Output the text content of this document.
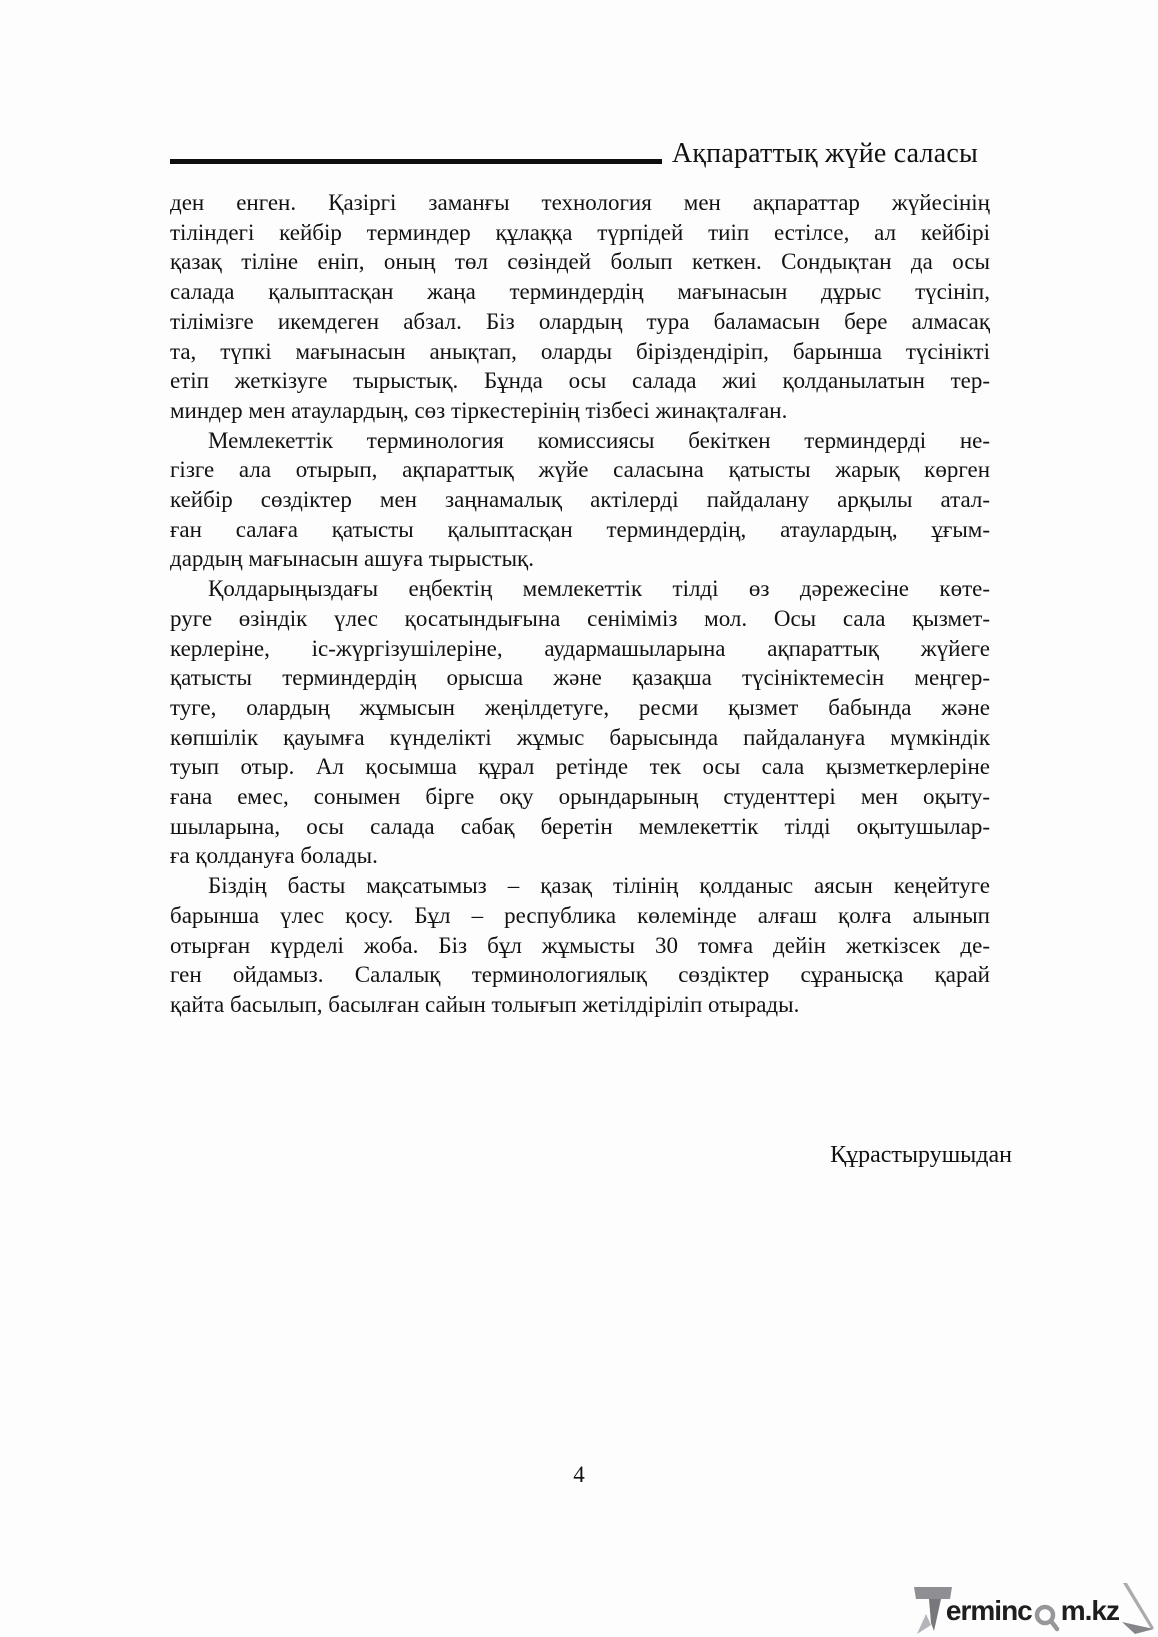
Ақпараттық жүйе саласы
ден енген. Қазіргі заманғы технология мен ақпараттар жүйесінің
тіліндегі кейбір терминдер құлаққа түрпідей тиіп естілсе, ал кейбірі
қазақ тіліне еніп, оның төл сөзіндей болып кеткен. Сондықтан да осы
салада қалыптасқан жаңа терминдердің мағынасын дұрыс түсініп,
тілімізге икемдеген абзал. Біз олардың тура баламасын бере алмасақ
та, түпкі мағынасын анықтап, оларды біріздендіріп, барынша түсінікті
етіп жеткізуге тырыстық. Бұнда осы салада жиі қолданылатын тер-
миндер мен атаулардың, сөз тіркестерінің тізбесі жинақталған.
Мемлекеттік терминология комиссиясы бекіткен терминдерді не-
гізге ала отырып, ақпараттық жүйе саласына қатысты жарық көрген
кейбір сөздіктер мен заңнамалық актілерді пайдалану арқылы атал-
ған салаға қатысты қалыптасқан терминдердің, атаулардың, ұғым-
дардың мағынасын ашуға тырыстық.
Қолдарыңыздағы еңбектің мемлекеттік тілді өз дәрежесіне көте-
руге өзіндік үлес қосатындығына сеніміміз мол. Осы сала қызмет-
керлеріне, іс-жүргізушілеріне, аудармашыларына ақпараттық жүйеге
қатысты терминдердің орысша және қазақша түсініктемесін меңгер-
туге, олардың жұмысын жеңілдетуге, ресми қызмет бабында және
көпшілік қауымға күнделікті жұмыс барысында пайдалануға мүмкіндік
туып отыр. Ал қосымша құрал ретінде тек осы сала қызметкерлеріне
ғана емес, сонымен бірге оқу орындарының студенттері мен оқыту-
шыларына, осы салада сабақ беретін мемлекеттік тілді оқытушылар-
ға қолдануға болады.
Біздің басты мақсатымыз – қазақ тілінің қолданыс аясын кеңейтуге
барынша үлес қосу. Бұл – республика көлемінде алғаш қолға алынып
отырған күрделі жоба. Біз бұл жұмысты 30 томға дейін жеткізсек де-
ген ойдамыз. Салалық терминологиялық сөздіктер сұранысқа қарай
қайта басылып, басылған сайын толығып жетілдіріліп отырады.
Құрастырушыдан
4
erminc m.kz
